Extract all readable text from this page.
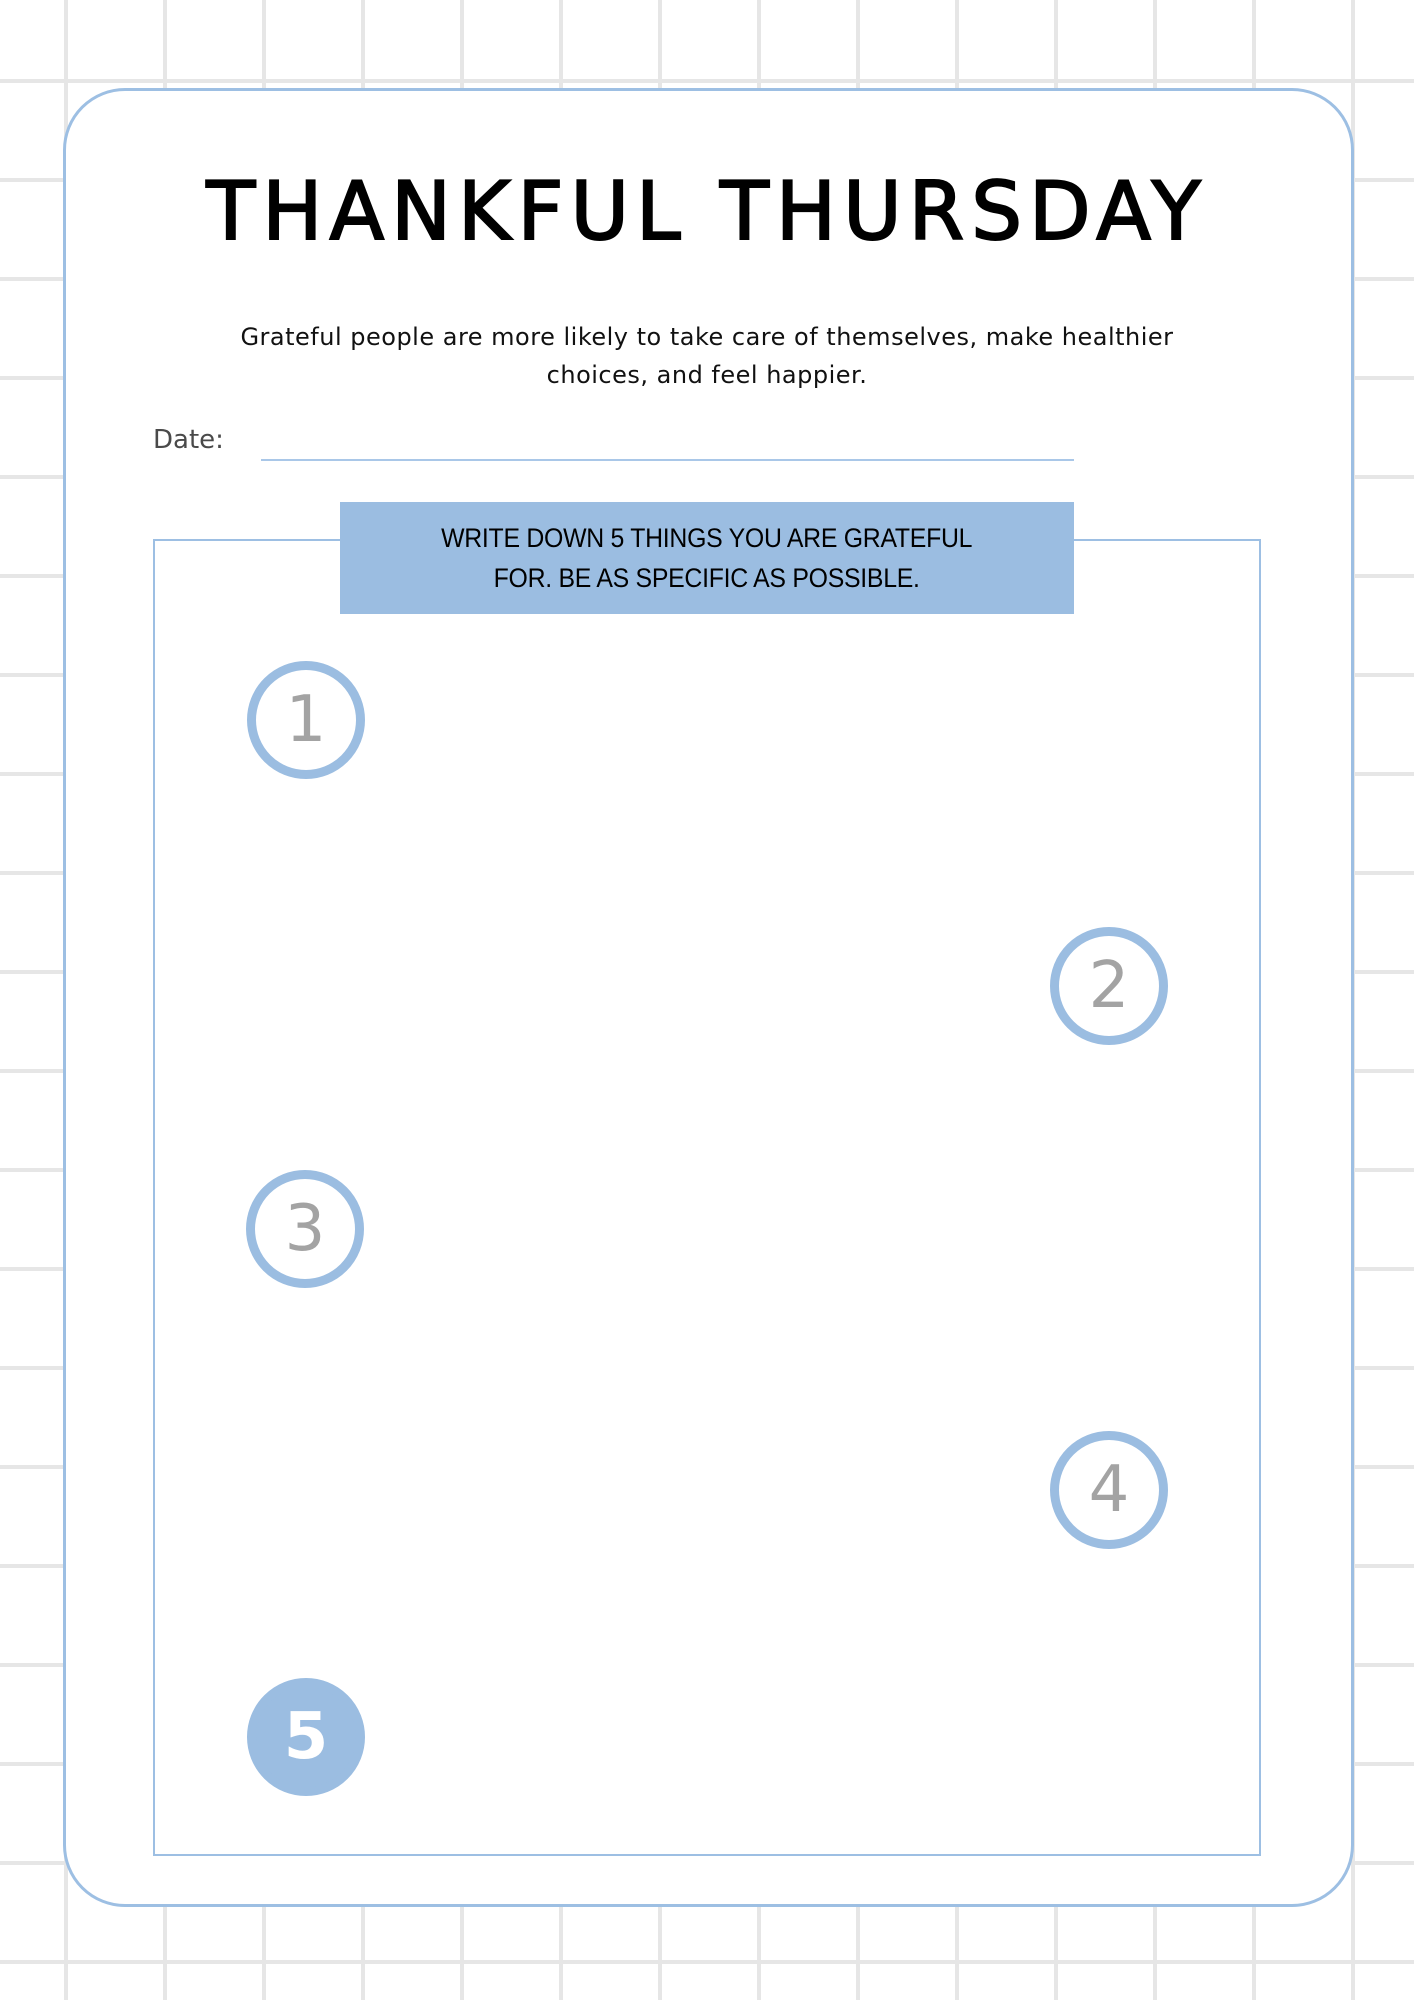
THANKFUL THURSDAY
Grateful people are more likely to take care of themselves, make healthier choices, and feel happier.
Date:
WRITE DOWN 5 THINGS YOU ARE GRATEFUL
FOR. BE AS SPECIFIC AS POSSIBLE.
1
2
3
4
5
